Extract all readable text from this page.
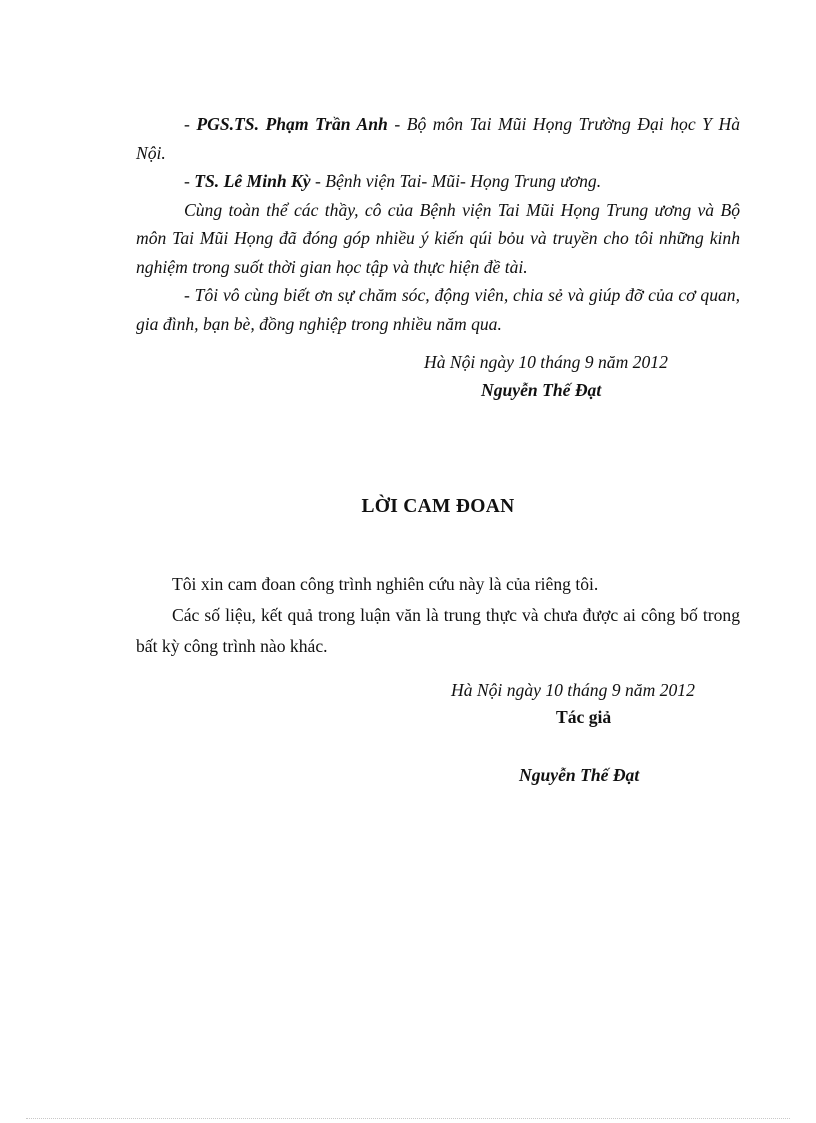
- PGS.TS. Phạm Trần Anh - Bộ môn Tai Mũi Họng Trường Đại học Y Hà Nội.

- TS. Lê Minh Kỳ - Bệnh viện Tai- Mũi- Họng Trung ương.

Cùng toàn thể các thầy, cô của Bệnh viện Tai Mũi Họng Trung ương và Bộ môn Tai Mũi Họng đã đóng góp nhiều ý kiến qúi bỏu và truyền cho tôi những kinh nghiệm trong suốt thời gian học tập và thực hiện đề tài.

- Tôi vô cùng biết ơn sự chăm sóc, động viên, chia sẻ và giúp đỡ của cơ quan, gia đình, bạn bè, đồng nghiệp trong nhiều năm qua.

Hà Nội ngày 10 tháng 9 năm 2012
Nguyễn Thế Đạt
LỜI CAM ĐOAN

Tôi xin cam đoan công trình nghiên cứu này là của riêng tôi.

Các số liệu, kết quả trong luận văn là trung thực và chưa được ai công bố trong bất kỳ công trình nào khác.

Hà Nội ngày 10 tháng 9 năm 2012
Tác giả
Nguyễn Thế Đạt
